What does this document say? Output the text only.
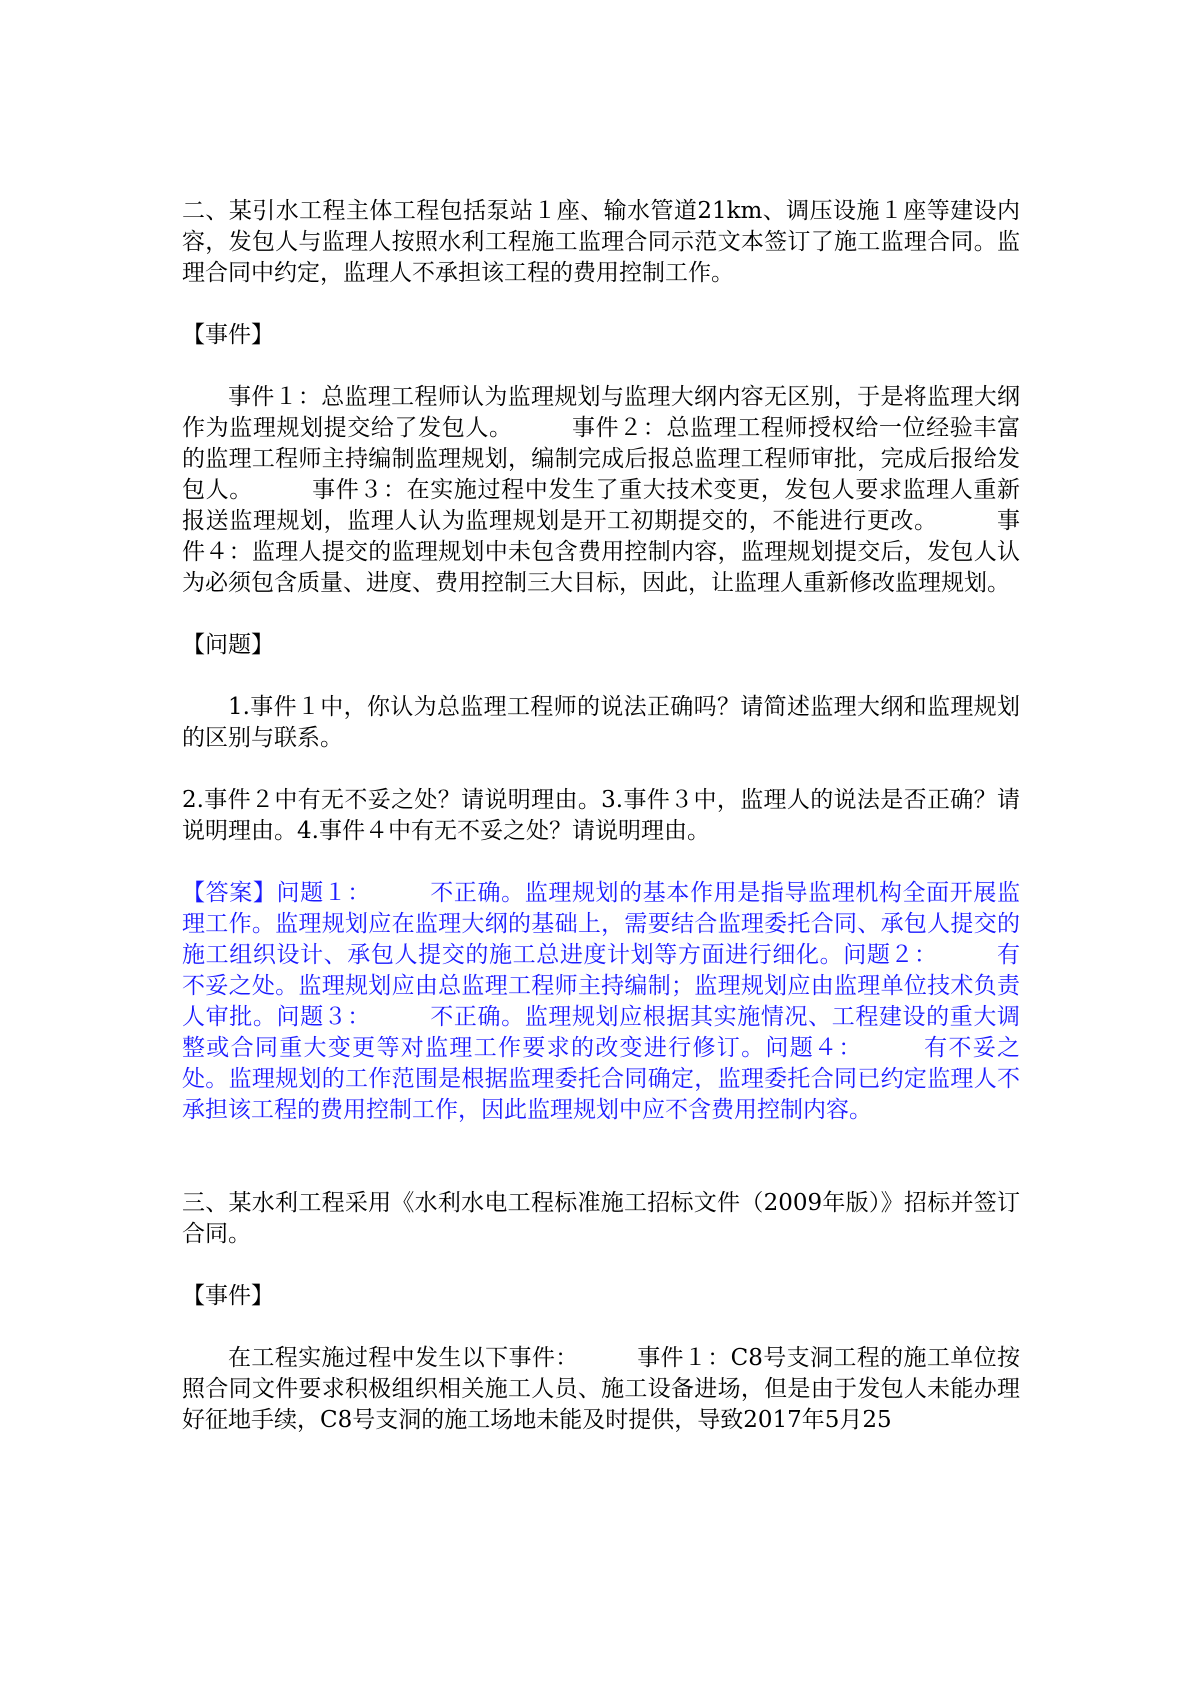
二、某引水工程主体工程包括泵站１座、输水管道21km、调压设施１座等建设内容，发包人与监理人按照水利工程施工监理合同示范文本签订了施工监理合同。监理合同中约定，监理人不承担该工程的费用控制工作。

【事件】

事件１：总监理工程师认为监理规划与监理大纲内容无区别，于是将监理大纲作为监理规划提交给了发包人。　　　事件２：总监理工程师授权给一位经验丰富的监理工程师主持编制监理规划，编制完成后报总监理工程师审批，完成后报给发包人。　　　事件３：在实施过程中发生了重大技术变更，发包人要求监理人重新报送监理规划，监理人认为监理规划是开工初期提交的，不能进行更改。　　　事件４：监理人提交的监理规划中未包含费用控制内容，监理规划提交后，发包人认为必须包含质量、进度、费用控制三大目标，因此，让监理人重新修改监理规划。

【问题】

1.事件１中，你认为总监理工程师的说法正确吗？请简述监理大纲和监理规划的区别与联系。

2.事件２中有无不妥之处？请说明理由。3.事件３中，监理人的说法是否正确？请说明理由。4.事件４中有无不妥之处？请说明理由。

【答案】问题１：　　　不正确。监理规划的基本作用是指导监理机构全面开展监理工作。监理规划应在监理大纲的基础上，需要结合监理委托合同、承包人提交的施工组织设计、承包人提交的施工总进度计划等方面进行细化。问题２：　　　有不妥之处。监理规划应由总监理工程师主持编制；监理规划应由监理单位技术负责人审批。问题３：　　　不正确。监理规划应根据其实施情况、工程建设的重大调整或合同重大变更等对监理工作要求的改变进行修订。问题４：　　　有不妥之处。监理规划的工作范围是根据监理委托合同确定，监理委托合同已约定监理人不承担该工程的费用控制工作，因此监理规划中应不含费用控制内容。

三、某水利工程采用《水利水电工程标准施工招标文件（2009年版）》招标并签订合同。

【事件】

在工程实施过程中发生以下事件：　　　事件１：C8号支洞工程的施工单位按照合同文件要求积极组织相关施工人员、施工设备进场，但是由于发包人未能办理好征地手续，C8号支洞的施工场地未能及时提供，导致2017年5月25
